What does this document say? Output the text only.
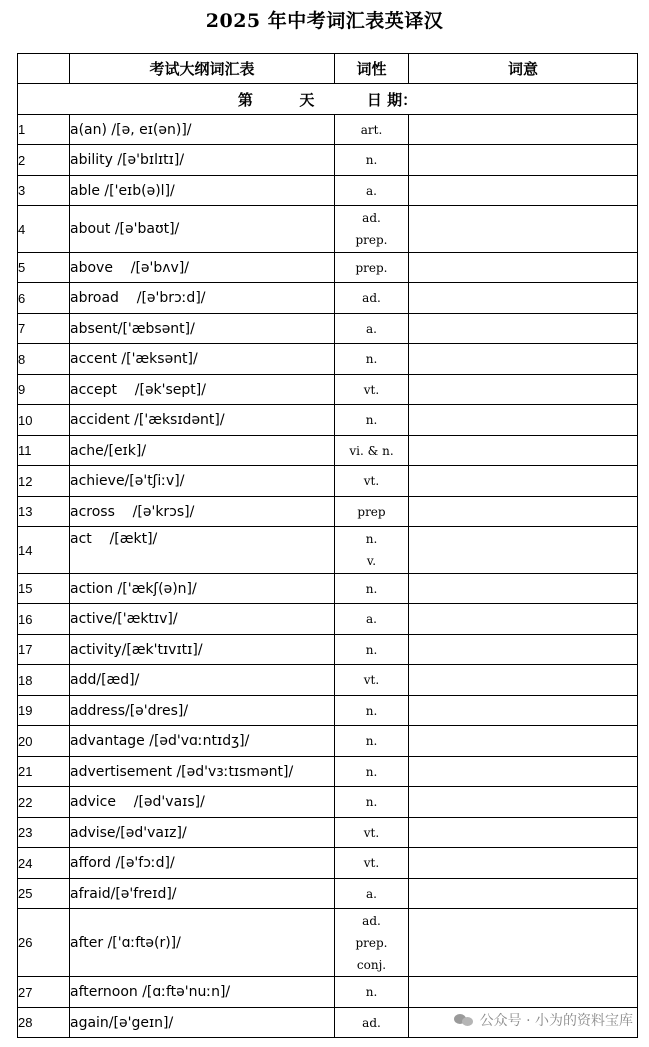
2025 年中考词汇表英译汉
	考试大纲词汇表	词性	词意
第 天 日 期：			
1	a(an) /[ə, eɪ(ən)]/	art.	

2	ability /[ə'bɪlɪtɪ]/	n.	

3	able /['eɪb(ə)l]/	a.	

4	about /[ə'baʊt]/	ad.
prep.	

5	above    /[ə'bʌv]/	prep.	

6	abroad    /[ə'brɔːd]/	ad.	

7	absent/['æbsənt]/	a.	

8	accent /['æksənt]/	n.	

9	accept    /[ək'sept]/	vt.	

10	accident /['æksɪdənt]/	n.	

11	ache/[eɪk]/	vi. & n.	

12	achieve/[ə'tʃiːv]/	vt.	

13	across    /[ə'krɔs]/	prep	

14	act    /[ækt]/	n.
v.	

15	action /['ækʃ(ə)n]/	n.	

16	active/['æktɪv]/	a.	

17	activity/[æk'tɪvɪtɪ]/	n.	

18	add/[æd]/	vt.	

19	address/[ə'dres]/	n.	

20	advantage /[əd'vɑːntɪdʒ]/	n.	

21	advertisement /[əd'vɜːtɪsmənt]/	n.	

22	advice    /[əd'vaɪs]/	n.	

23	advise/[əd'vaɪz]/	vt.	

24	afford /[ə'fɔːd]/	vt.	

25	afraid/[ə'freɪd]/	a.	

26	after /['ɑːftə(r)]/	ad.
prep.
conj.	

27	afternoon /[ɑːftə'nuːn]/	n.	

28	again/[ə'geɪn]/	ad.	
		公众号 · 小为的资料宝库
